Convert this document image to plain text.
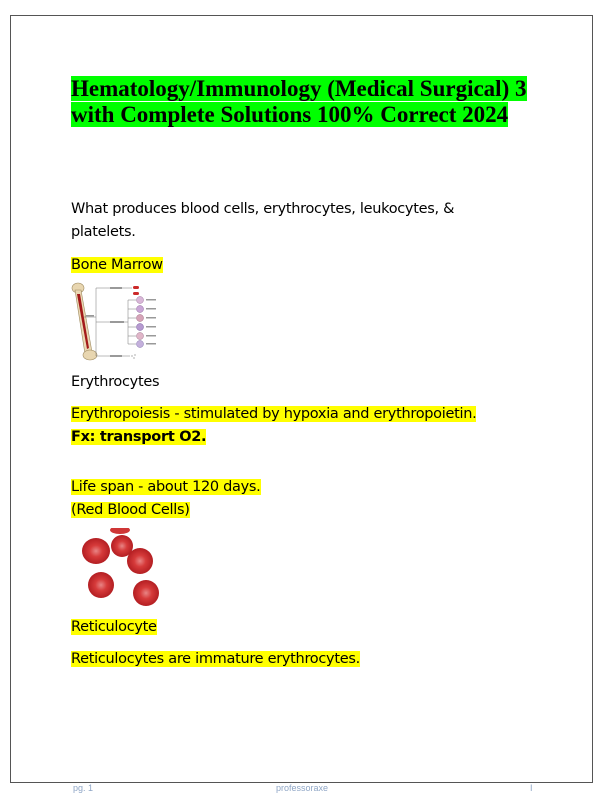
Hematology/Immunology (Medical Surgical) 3 with Complete Solutions 100% Correct 2024

What produces blood cells, erythrocytes, leukocytes, & platelets.

Bone Marrow

Erythrocytes

Erythropoiesis - stimulated by hypoxia and erythropoietin.

Fx: transport O2.

Life span - about 120 days.

(Red Blood Cells)

Reticulocyte

Reticulocytes are immature erythrocytes.

pg. 1	professoraxe	I
